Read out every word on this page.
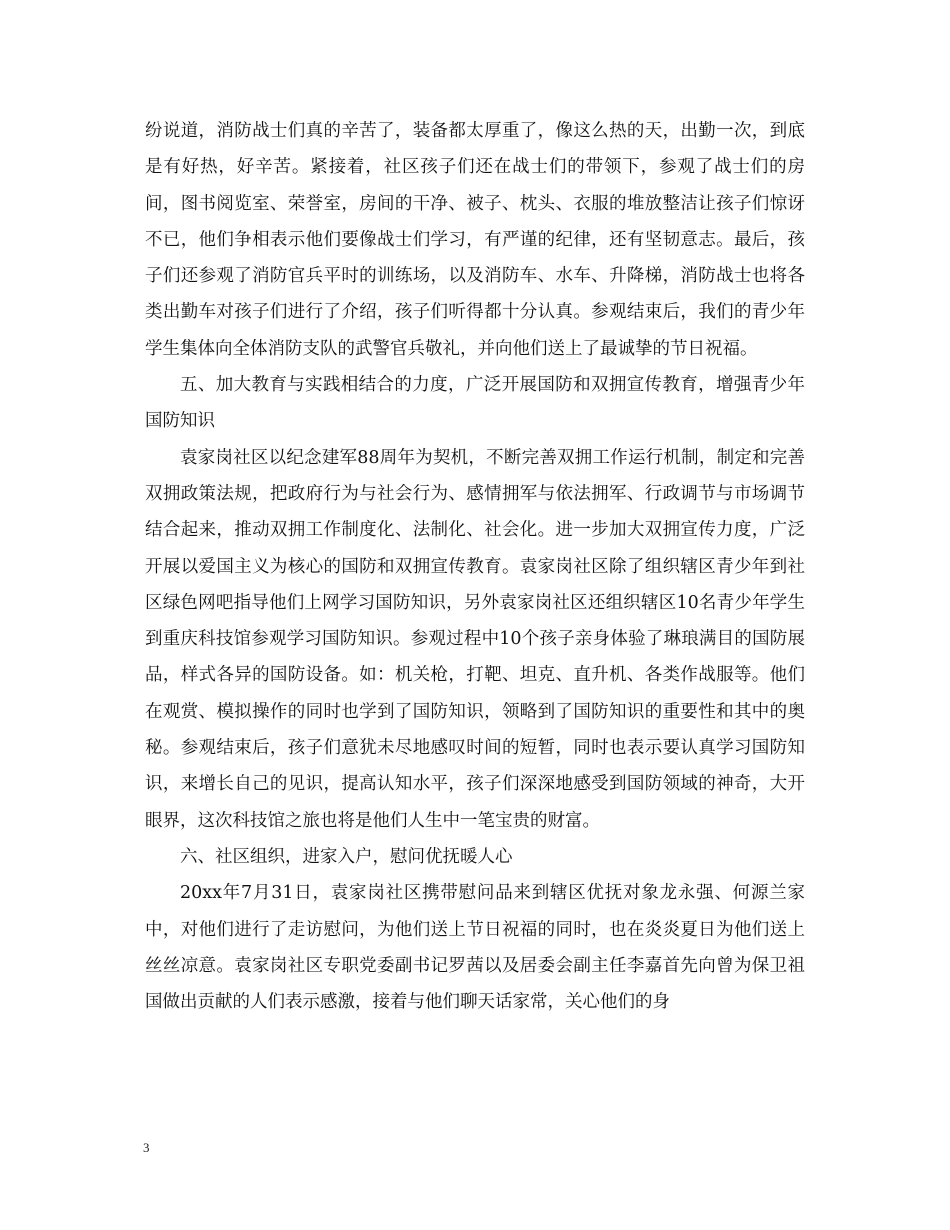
纷说道，消防战士们真的辛苦了，装备都太厚重了，像这么热的天，出勤一次，到底是有好热，好辛苦。紧接着，社区孩子们还在战士们的带领下，参观了战士们的房间，图书阅览室、荣誉室，房间的干净、被子、枕头、衣服的堆放整洁让孩子们惊讶不已，他们争相表示他们要像战士们学习，有严谨的纪律，还有坚韧意志。最后，孩子们还参观了消防官兵平时的训练场，以及消防车、水车、升降梯，消防战士也将各类出勤车对孩子们进行了介绍，孩子们听得都十分认真。参观结束后，我们的青少年学生集体向全体消防支队的武警官兵敬礼，并向他们送上了最诚挚的节日祝福。

五、加大教育与实践相结合的力度，广泛开展国防和双拥宣传教育，增强青少年国防知识

袁家岗社区以纪念建军88周年为契机，不断完善双拥工作运行机制，制定和完善双拥政策法规，把政府行为与社会行为、感情拥军与依法拥军、行政调节与市场调节结合起来，推动双拥工作制度化、法制化、社会化。进一步加大双拥宣传力度，广泛开展以爱国主义为核心的国防和双拥宣传教育。袁家岗社区除了组织辖区青少年到社区绿色网吧指导他们上网学习国防知识，另外袁家岗社区还组织辖区10名青少年学生到重庆科技馆参观学习国防知识。参观过程中10个孩子亲身体验了琳琅满目的国防展品，样式各异的国防设备。如：机关枪，打靶、坦克、直升机、各类作战服等。他们在观赏、模拟操作的同时也学到了国防知识，领略到了国防知识的重要性和其中的奥秘。参观结束后，孩子们意犹未尽地感叹时间的短暂，同时也表示要认真学习国防知识，来增长自己的见识，提高认知水平，孩子们深深地感受到国防领域的神奇，大开眼界，这次科技馆之旅也将是他们人生中一笔宝贵的财富。

六、社区组织，进家入户，慰问优抚暖人心

20xx年7月31日，袁家岗社区携带慰问品来到辖区优抚对象龙永强、何源兰家中，对他们进行了走访慰问，为他们送上节日祝福的同时，也在炎炎夏日为他们送上丝丝凉意。袁家岗社区专职党委副书记罗茜以及居委会副主任李嘉首先向曾为保卫祖国做出贡献的人们表示感激，接着与他们聊天话家常，关心他们的身

3
